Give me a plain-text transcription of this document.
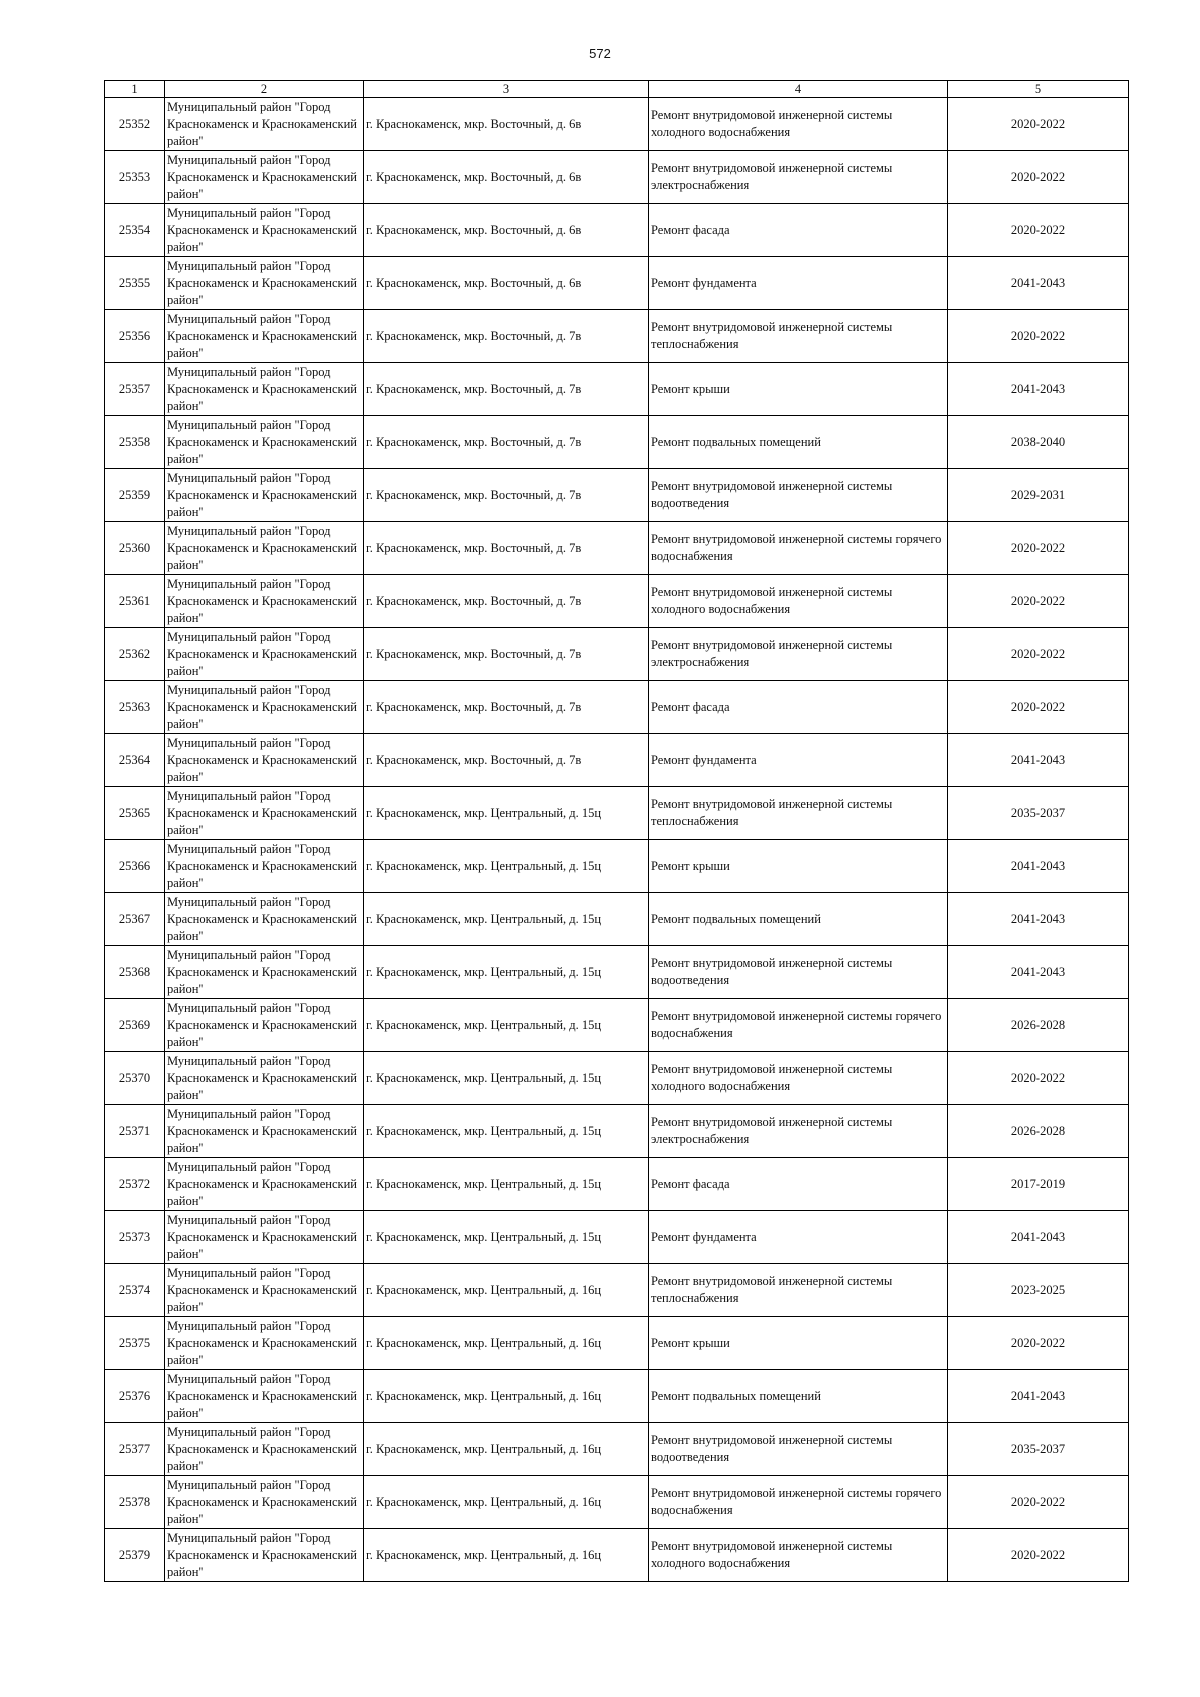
572
1	2	3	4	5
25352	Муниципальный район "Город Краснокаменск и Краснокаменский район"	г. Краснокаменск, мкр. Восточный, д. 6в	Ремонт внутридомовой инженерной системы холодного водоснабжения	2020-2022
25353	Муниципальный район "Город Краснокаменск и Краснокаменский район"	г. Краснокаменск, мкр. Восточный, д. 6в	Ремонт внутридомовой инженерной системы электроснабжения	2020-2022
25354	Муниципальный район "Город Краснокаменск и Краснокаменский район"	г. Краснокаменск, мкр. Восточный, д. 6в	Ремонт фасада	2020-2022
25355	Муниципальный район "Город Краснокаменск и Краснокаменский район"	г. Краснокаменск, мкр. Восточный, д. 6в	Ремонт фундамента	2041-2043
25356	Муниципальный район "Город Краснокаменск и Краснокаменский район"	г. Краснокаменск, мкр. Восточный, д. 7в	Ремонт внутридомовой инженерной системы теплоснабжения	2020-2022
25357	Муниципальный район "Город Краснокаменск и Краснокаменский район"	г. Краснокаменск, мкр. Восточный, д. 7в	Ремонт крыши	2041-2043
25358	Муниципальный район "Город Краснокаменск и Краснокаменский район"	г. Краснокаменск, мкр. Восточный, д. 7в	Ремонт подвальных помещений	2038-2040
25359	Муниципальный район "Город Краснокаменск и Краснокаменский район"	г. Краснокаменск, мкр. Восточный, д. 7в	Ремонт внутридомовой инженерной системы водоотведения	2029-2031
25360	Муниципальный район "Город Краснокаменск и Краснокаменский район"	г. Краснокаменск, мкр. Восточный, д. 7в	Ремонт внутридомовой инженерной системы горячего водоснабжения	2020-2022
25361	Муниципальный район "Город Краснокаменск и Краснокаменский район"	г. Краснокаменск, мкр. Восточный, д. 7в	Ремонт внутридомовой инженерной системы холодного водоснабжения	2020-2022
25362	Муниципальный район "Город Краснокаменск и Краснокаменский район"	г. Краснокаменск, мкр. Восточный, д. 7в	Ремонт внутридомовой инженерной системы электроснабжения	2020-2022
25363	Муниципальный район "Город Краснокаменск и Краснокаменский район"	г. Краснокаменск, мкр. Восточный, д. 7в	Ремонт фасада	2020-2022
25364	Муниципальный район "Город Краснокаменск и Краснокаменский район"	г. Краснокаменск, мкр. Восточный, д. 7в	Ремонт фундамента	2041-2043
25365	Муниципальный район "Город Краснокаменск и Краснокаменский район"	г. Краснокаменск, мкр. Центральный, д. 15ц	Ремонт внутридомовой инженерной системы теплоснабжения	2035-2037
25366	Муниципальный район "Город Краснокаменск и Краснокаменский район"	г. Краснокаменск, мкр. Центральный, д. 15ц	Ремонт крыши	2041-2043
25367	Муниципальный район "Город Краснокаменск и Краснокаменский район"	г. Краснокаменск, мкр. Центральный, д. 15ц	Ремонт подвальных помещений	2041-2043
25368	Муниципальный район "Город Краснокаменск и Краснокаменский район"	г. Краснокаменск, мкр. Центральный, д. 15ц	Ремонт внутридомовой инженерной системы водоотведения	2041-2043
25369	Муниципальный район "Город Краснокаменск и Краснокаменский район"	г. Краснокаменск, мкр. Центральный, д. 15ц	Ремонт внутридомовой инженерной системы горячего водоснабжения	2026-2028
25370	Муниципальный район "Город Краснокаменск и Краснокаменский район"	г. Краснокаменск, мкр. Центральный, д. 15ц	Ремонт внутридомовой инженерной системы холодного водоснабжения	2020-2022
25371	Муниципальный район "Город Краснокаменск и Краснокаменский район"	г. Краснокаменск, мкр. Центральный, д. 15ц	Ремонт внутридомовой инженерной системы электроснабжения	2026-2028
25372	Муниципальный район "Город Краснокаменск и Краснокаменский район"	г. Краснокаменск, мкр. Центральный, д. 15ц	Ремонт фасада	2017-2019
25373	Муниципальный район "Город Краснокаменск и Краснокаменский район"	г. Краснокаменск, мкр. Центральный, д. 15ц	Ремонт фундамента	2041-2043
25374	Муниципальный район "Город Краснокаменск и Краснокаменский район"	г. Краснокаменск, мкр. Центральный, д. 16ц	Ремонт внутридомовой инженерной системы теплоснабжения	2023-2025
25375	Муниципальный район "Город Краснокаменск и Краснокаменский район"	г. Краснокаменск, мкр. Центральный, д. 16ц	Ремонт крыши	2020-2022
25376	Муниципальный район "Город Краснокаменск и Краснокаменский район"	г. Краснокаменск, мкр. Центральный, д. 16ц	Ремонт подвальных помещений	2041-2043
25377	Муниципальный район "Город Краснокаменск и Краснокаменский район"	г. Краснокаменск, мкр. Центральный, д. 16ц	Ремонт внутридомовой инженерной системы водоотведения	2035-2037
25378	Муниципальный район "Город Краснокаменск и Краснокаменский район"	г. Краснокаменск, мкр. Центральный, д. 16ц	Ремонт внутридомовой инженерной системы горячего водоснабжения	2020-2022
25379	Муниципальный район "Город Краснокаменск и Краснокаменский район"	г. Краснокаменск, мкр. Центральный, д. 16ц	Ремонт внутридомовой инженерной системы холодного водоснабжения	2020-2022
